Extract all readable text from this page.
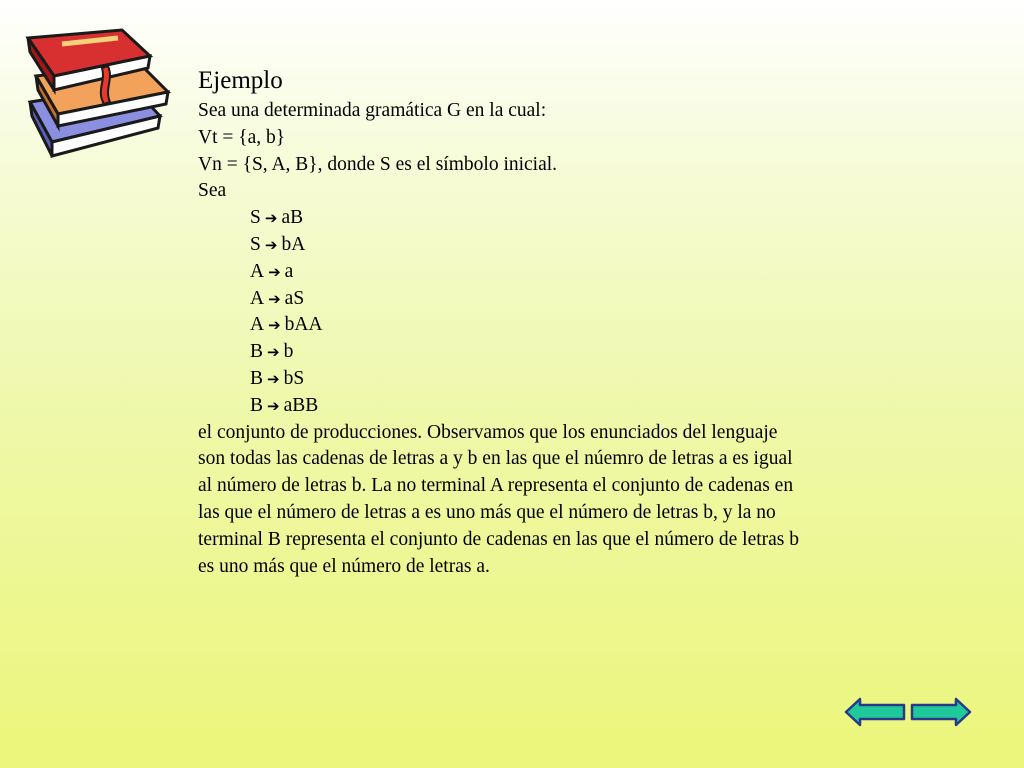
Ejemplo
Sea una determinada gramática G en la cual:
Vt = {a, b}
Vn = {S, A, B}, donde S es el símbolo inicial.
Sea
S ➔ aB
S ➔ bA
A ➔ a
A ➔ aS
A ➔ bAA
B ➔ b
B ➔ bS
B ➔ aBB
el conjunto de producciones. Observamos que los enunciados del lenguaje
son todas las cadenas de letras a y b en las que el núemro de letras a es igual
al número de letras b. La no terminal A representa el conjunto de cadenas en
las que el número de letras a es uno más que el número de letras b, y la no
terminal B representa el conjunto de cadenas en las que el número de letras b
es uno más que el número de letras a.
